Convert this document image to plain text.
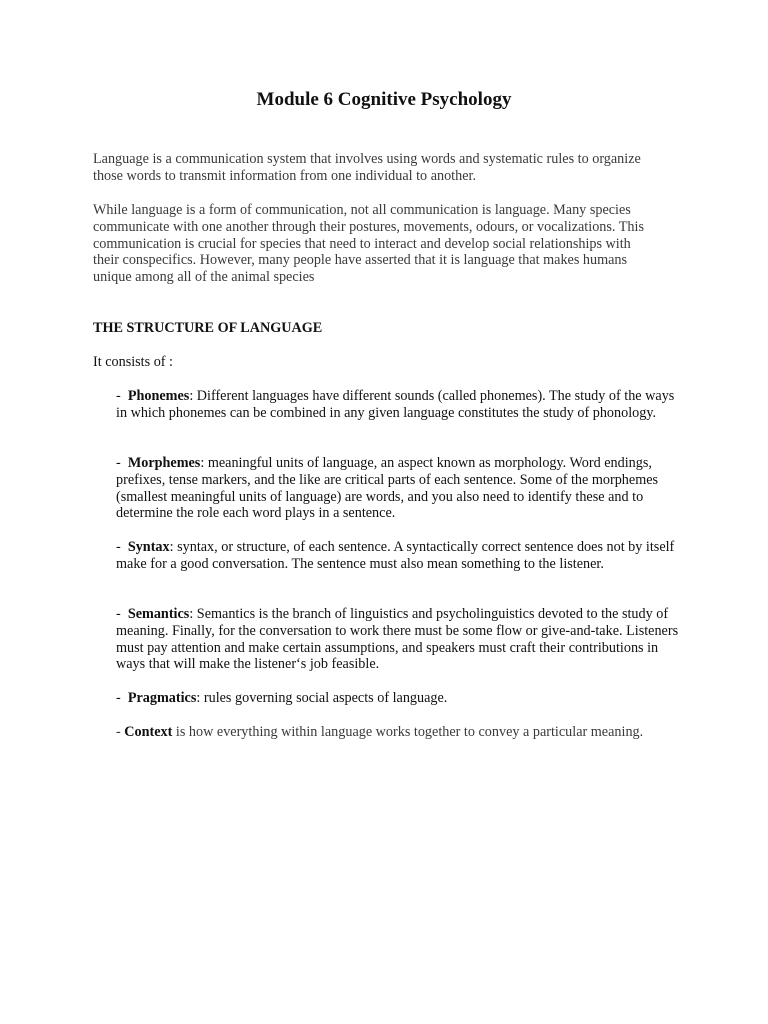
Module 6 Cognitive Psychology

Language is a communication system that involves using words and systematic rules to organize those words to transmit information from one individual to another.

While language is a form of communication, not all communication is language. Many species communicate with one another through their postures, movements, odours, or vocalizations. This communication is crucial for species that need to interact and develop social relationships with their conspecifics. However, many people have asserted that it is language that makes humans unique among all of the animal species

THE STRUCTURE OF LANGUAGE

It consists of :

- Phonemes: Different languages have different sounds (called phonemes). The study of the ways in which phonemes can be combined in any given language constitutes the study of phonology.

- Morphemes: meaningful units of language, an aspect known as morphology. Word endings, prefixes, tense markers, and the like are critical parts of each sentence. Some of the morphemes (smallest meaningful units of language) are words, and you also need to identify these and to determine the role each word plays in a sentence.

- Syntax: syntax, or structure, of each sentence. A syntactically correct sentence does not by itself make for a good conversation. The sentence must also mean something to the listener.

- Semantics: Semantics is the branch of linguistics and psycholinguistics devoted to the study of meaning. Finally, for the conversation to work there must be some flow or give-and-take. Listeners must pay attention and make certain assumptions, and speakers must craft their contributions in ways that will make the listener‘s job feasible.

- Pragmatics: rules governing social aspects of language.

- Context is how everything within language works together to convey a particular meaning.
